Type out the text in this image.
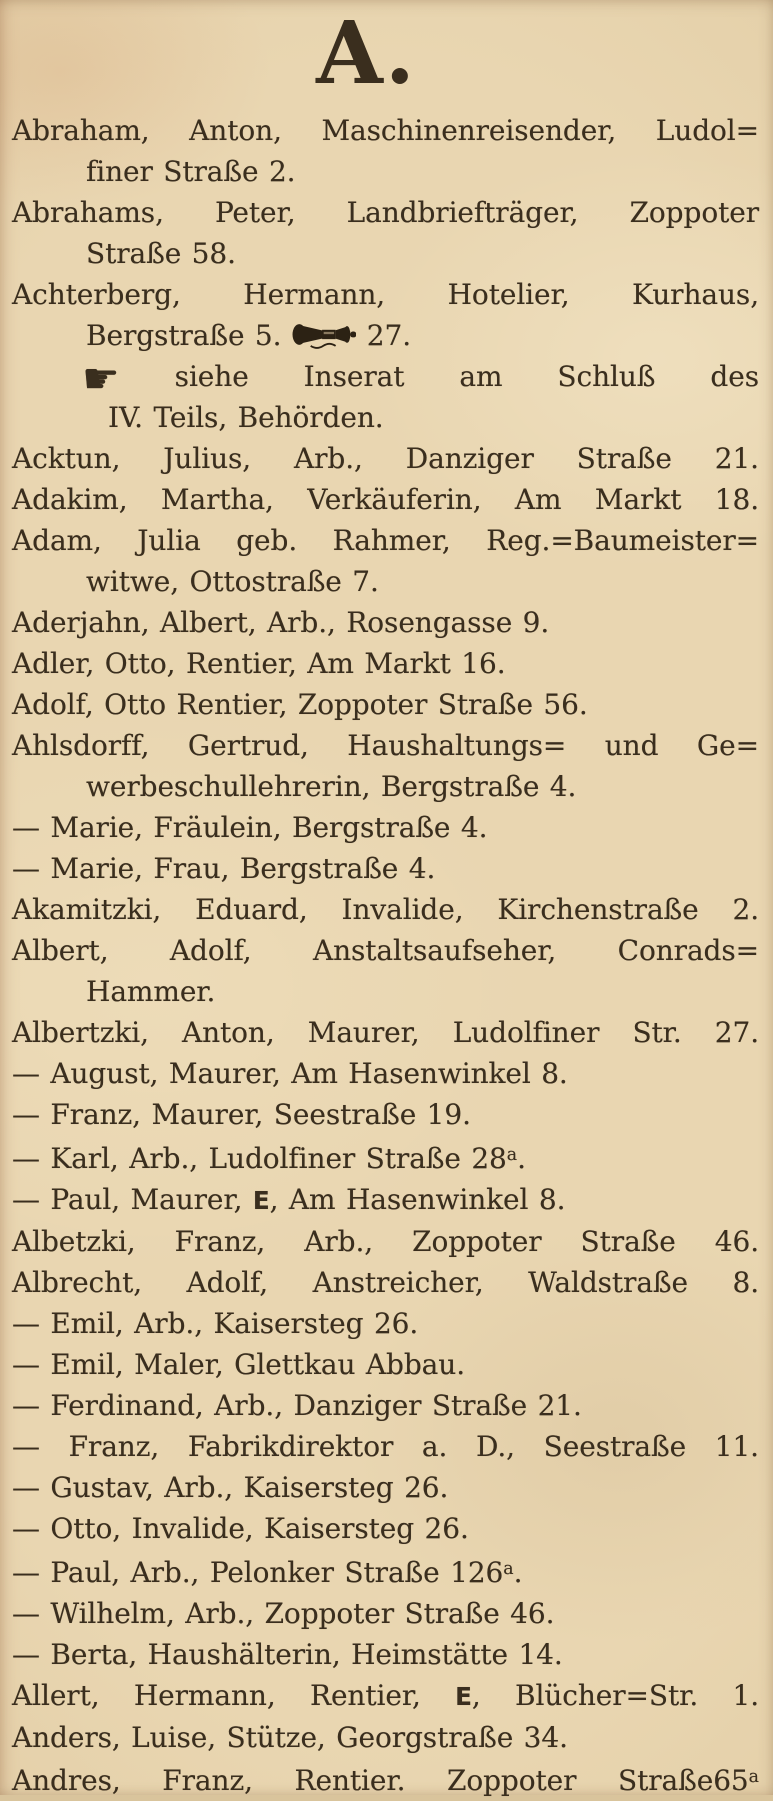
A.
Abraham, Anton, Maschinenreisender, Ludol=
finer Straße 2.
Abrahams, Peter, Landbriefträger, Zoppoter
Straße 58.
Achterberg, Hermann, Hotelier, Kurhaus,
Bergstraße 5.  27.
☛ siehe Inserat am Schluß des
IV. Teils, Behörden.
Acktun, Julius, Arb., Danziger Straße 21.
Adakim, Martha, Verkäuferin, Am Markt 18.
Adam, Julia geb. Rahmer, Reg.=Baumeister=
witwe, Ottostraße 7.
Aderjahn, Albert, Arb., Rosengasse 9.
Adler, Otto, Rentier, Am Markt 16.
Adolf, Otto Rentier, Zoppoter Straße 56.
Ahlsdorff, Gertrud, Haushaltungs= und Ge=
werbeschullehrerin, Bergstraße 4.
— Marie, Fräulein, Bergstraße 4.
— Marie, Frau, Bergstraße 4.
Akamitzki, Eduard, Invalide, Kirchenstraße 2.
Albert, Adolf, Anstaltsaufseher, Conrads=
Hammer.
Albertzki, Anton, Maurer, Ludolfiner Str. 27.
— August, Maurer, Am Hasenwinkel 8.
— Franz, Maurer, Seestraße 19.
— Karl, Arb., Ludolfiner Straße 28$^a$.
— Paul, Maurer, E, Am Hasenwinkel 8.
Albetzki, Franz, Arb., Zoppoter Straße 46.
Albrecht, Adolf, Anstreicher, Waldstraße 8.
— Emil, Arb., Kaisersteg 26.
— Emil, Maler, Glettkau Abbau.
— Ferdinand, Arb., Danziger Straße 21.
— Franz, Fabrikdirektor a. D., Seestraße 11.
— Gustav, Arb., Kaisersteg 26.
— Otto, Invalide, Kaisersteg 26.
— Paul, Arb., Pelonker Straße 126$^a$.
— Wilhelm, Arb., Zoppoter Straße 46.
— Berta, Haushälterin, Heimstätte 14.
Allert, Hermann, Rentier, E, Blücher=Str. 1.
Anders, Luise, Stütze, Georgstraße 34.
Andres, Franz, Rentier. Zoppoter Straße65$^a$
